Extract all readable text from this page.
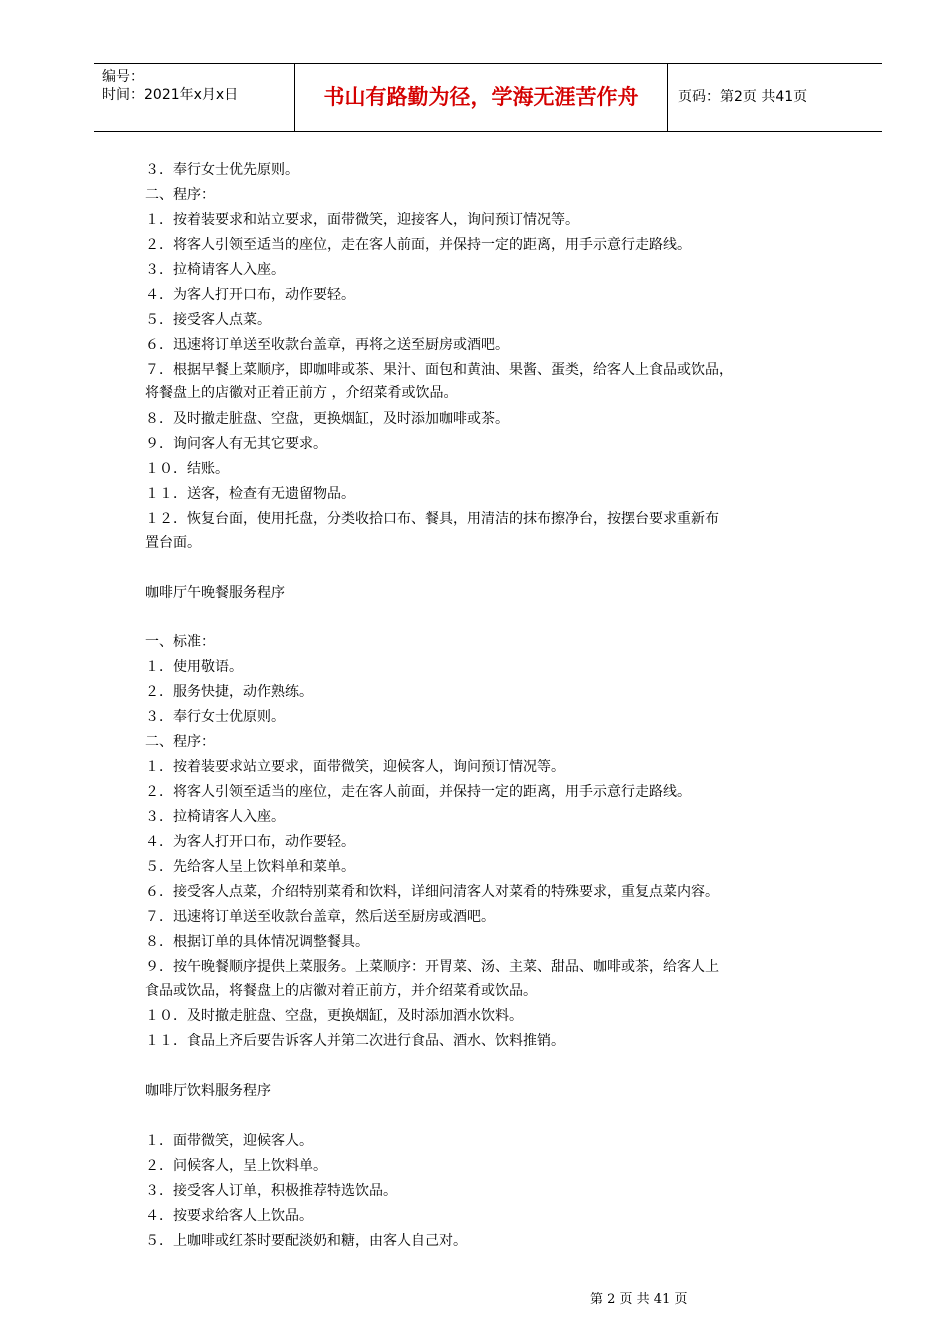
编号：
时间：2021年x月x日	书山有路勤为径，学海无涯苦作舟	页码：第2页 共41页
３．奉行女士优先原则。
二、程序：
１．按着装要求和站立要求，面带微笑，迎接客人，询问预订情况等。
２．将客人引领至适当的座位，走在客人前面，并保持一定的距离，用手示意行走路线。
３．拉椅请客人入座。
４．为客人打开口布，动作要轻。
５．接受客人点菜。
６．迅速将订单送至收款台盖章，再将之送至厨房或酒吧。
７．根据早餐上菜顺序，即咖啡或茶、果汁、面包和黄油、果酱、蛋类，给客人上食品或饮品，
将餐盘上的店徽对正着正前方 ，介绍菜肴或饮品。
８．及时撤走脏盘、空盘，更换烟缸，及时添加咖啡或茶。
９．询问客人有无其它要求。
１０．结账。
１１．送客，检查有无遗留物品。
１２．恢复台面，使用托盘，分类收拾口布、餐具，用清洁的抹布擦净台，按摆台要求重新布
置台面。
咖啡厅午晚餐服务程序
一、标准：
１．使用敬语。
２．服务快捷，动作熟练。
３．奉行女士优原则。
二、程序：
１．按着装要求站立要求，面带微笑，迎候客人，询问预订情况等。
２．将客人引领至适当的座位，走在客人前面，并保持一定的距离，用手示意行走路线。
３．拉椅请客人入座。
４．为客人打开口布，动作要轻。
５．先给客人呈上饮料单和菜单。
６．接受客人点菜，介绍特别菜肴和饮料，详细问清客人对菜肴的特殊要求，重复点菜内容。
７．迅速将订单送至收款台盖章，然后送至厨房或酒吧。
８．根据订单的具体情况调整餐具。
９．按午晚餐顺序提供上菜服务。上菜顺序：开胃菜、汤、主菜、甜品、咖啡或茶，给客人上
食品或饮品，将餐盘上的店徽对着正前方，并介绍菜肴或饮品。
１０．及时撤走脏盘、空盘，更换烟缸，及时添加酒水饮料。
１１．食品上齐后要告诉客人并第二次进行食品、酒水、饮料推销。
咖啡厅饮料服务程序
１．面带微笑，迎候客人。
２．问候客人，呈上饮料单。
３．接受客人订单，积极推荐特选饮品。
４．按要求给客人上饮品。
５．上咖啡或红茶时要配淡奶和糖，由客人自己对。
第 2 页 共 41 页
